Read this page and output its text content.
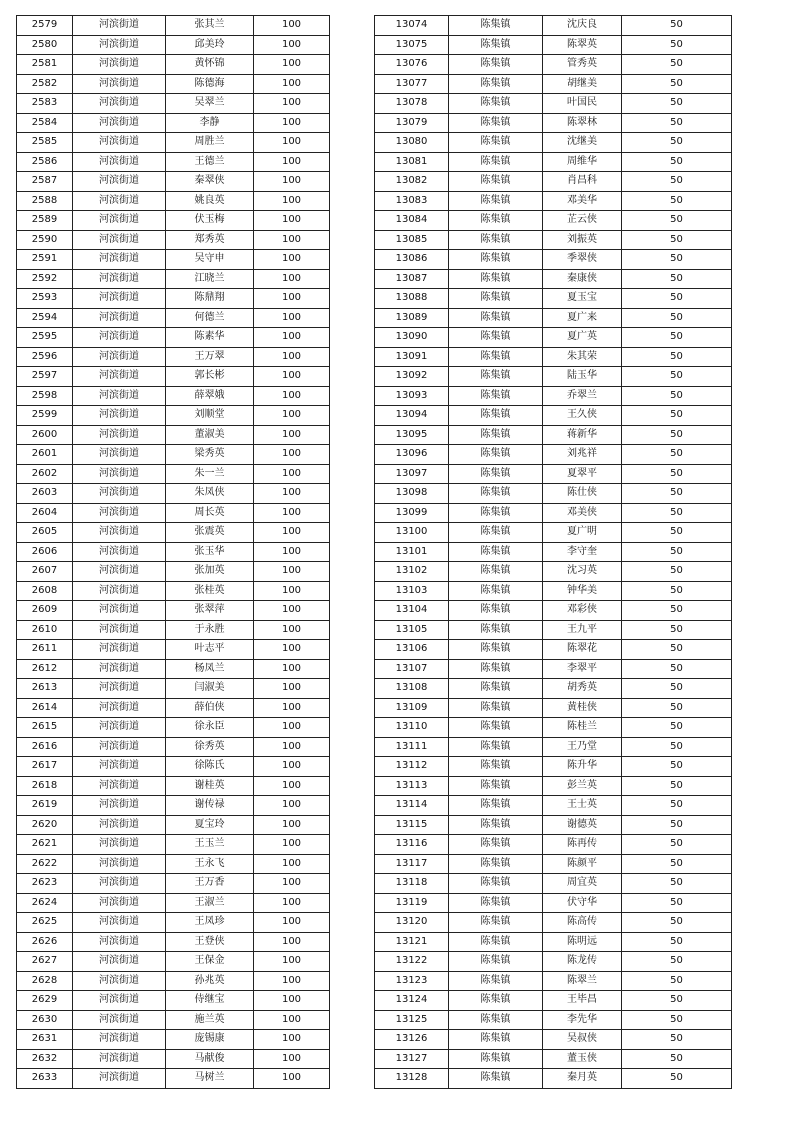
2579	河滨街道	张其兰	100
2580	河滨街道	邱美玲	100
2581	河滨街道	黄怀锦	100
2582	河滨街道	陈德海	100
2583	河滨街道	吴翠兰	100
2584	河滨街道	李静	100
2585	河滨街道	周胜兰	100
2586	河滨街道	王德兰	100
2587	河滨街道	秦翠侠	100
2588	河滨街道	姚良英	100
2589	河滨街道	伏玉梅	100
2590	河滨街道	郑秀英	100
2591	河滨街道	吴守申	100
2592	河滨街道	江晓兰	100
2593	河滨街道	陈鼎翔	100
2594	河滨街道	何德兰	100
2595	河滨街道	陈素华	100
2596	河滨街道	王万翠	100
2597	河滨街道	郭长彬	100
2598	河滨街道	薛翠娥	100
2599	河滨街道	刘顺堂	100
2600	河滨街道	董淑美	100
2601	河滨街道	梁秀英	100
2602	河滨街道	朱一兰	100
2603	河滨街道	朱凤侠	100
2604	河滨街道	周长英	100
2605	河滨街道	张震英	100
2606	河滨街道	张玉华	100
2607	河滨街道	张加英	100
2608	河滨街道	张桂英	100
2609	河滨街道	张翠萍	100
2610	河滨街道	于永胜	100
2611	河滨街道	叶志平	100
2612	河滨街道	杨凤兰	100
2613	河滨街道	闫淑美	100
2614	河滨街道	薛伯侠	100
2615	河滨街道	徐永臣	100
2616	河滨街道	徐秀英	100
2617	河滨街道	徐陈氏	100
2618	河滨街道	谢桂英	100
2619	河滨街道	谢传禄	100
2620	河滨街道	夏宝玲	100
2621	河滨街道	王玉兰	100
2622	河滨街道	王永飞	100
2623	河滨街道	王万香	100
2624	河滨街道	王淑兰	100
2625	河滨街道	王凤珍	100
2626	河滨街道	王登侠	100
2627	河滨街道	王保金	100
2628	河滨街道	孙兆英	100
2629	河滨街道	侍继宝	100
2630	河滨街道	施兰英	100
2631	河滨街道	庞锡康	100
2632	河滨街道	马献俊	100
2633	河滨街道	马树兰	100
13074	陈集镇	沈庆良	50
13075	陈集镇	陈翠英	50
13076	陈集镇	管秀英	50
13077	陈集镇	胡继美	50
13078	陈集镇	叶国民	50
13079	陈集镇	陈翠林	50
13080	陈集镇	沈继美	50
13081	陈集镇	周维华	50
13082	陈集镇	肖昌科	50
13083	陈集镇	邓美华	50
13084	陈集镇	芷云侠	50
13085	陈集镇	刘振英	50
13086	陈集镇	季翠侠	50
13087	陈集镇	秦康侠	50
13088	陈集镇	夏玉宝	50
13089	陈集镇	夏广来	50
13090	陈集镇	夏广英	50
13091	陈集镇	朱其荣	50
13092	陈集镇	陆玉华	50
13093	陈集镇	乔翠兰	50
13094	陈集镇	王久侠	50
13095	陈集镇	蒋新华	50
13096	陈集镇	刘兆祥	50
13097	陈集镇	夏翠平	50
13098	陈集镇	陈仕侠	50
13099	陈集镇	邓美侠	50
13100	陈集镇	夏广明	50
13101	陈集镇	李守奎	50
13102	陈集镇	沈习英	50
13103	陈集镇	钟华美	50
13104	陈集镇	邓彩侠	50
13105	陈集镇	王九平	50
13106	陈集镇	陈翠花	50
13107	陈集镇	李翠平	50
13108	陈集镇	胡秀英	50
13109	陈集镇	黄桂侠	50
13110	陈集镇	陈桂兰	50
13111	陈集镇	王乃堂	50
13112	陈集镇	陈升华	50
13113	陈集镇	彭兰英	50
13114	陈集镇	王士英	50
13115	陈集镇	谢德英	50
13116	陈集镇	陈再传	50
13117	陈集镇	陈颜平	50
13118	陈集镇	周宜英	50
13119	陈集镇	伏守华	50
13120	陈集镇	陈高传	50
13121	陈集镇	陈明远	50
13122	陈集镇	陈龙传	50
13123	陈集镇	陈翠兰	50
13124	陈集镇	王毕昌	50
13125	陈集镇	李先华	50
13126	陈集镇	吴叔侠	50
13127	陈集镇	董玉侠	50
13128	陈集镇	秦月英	50
